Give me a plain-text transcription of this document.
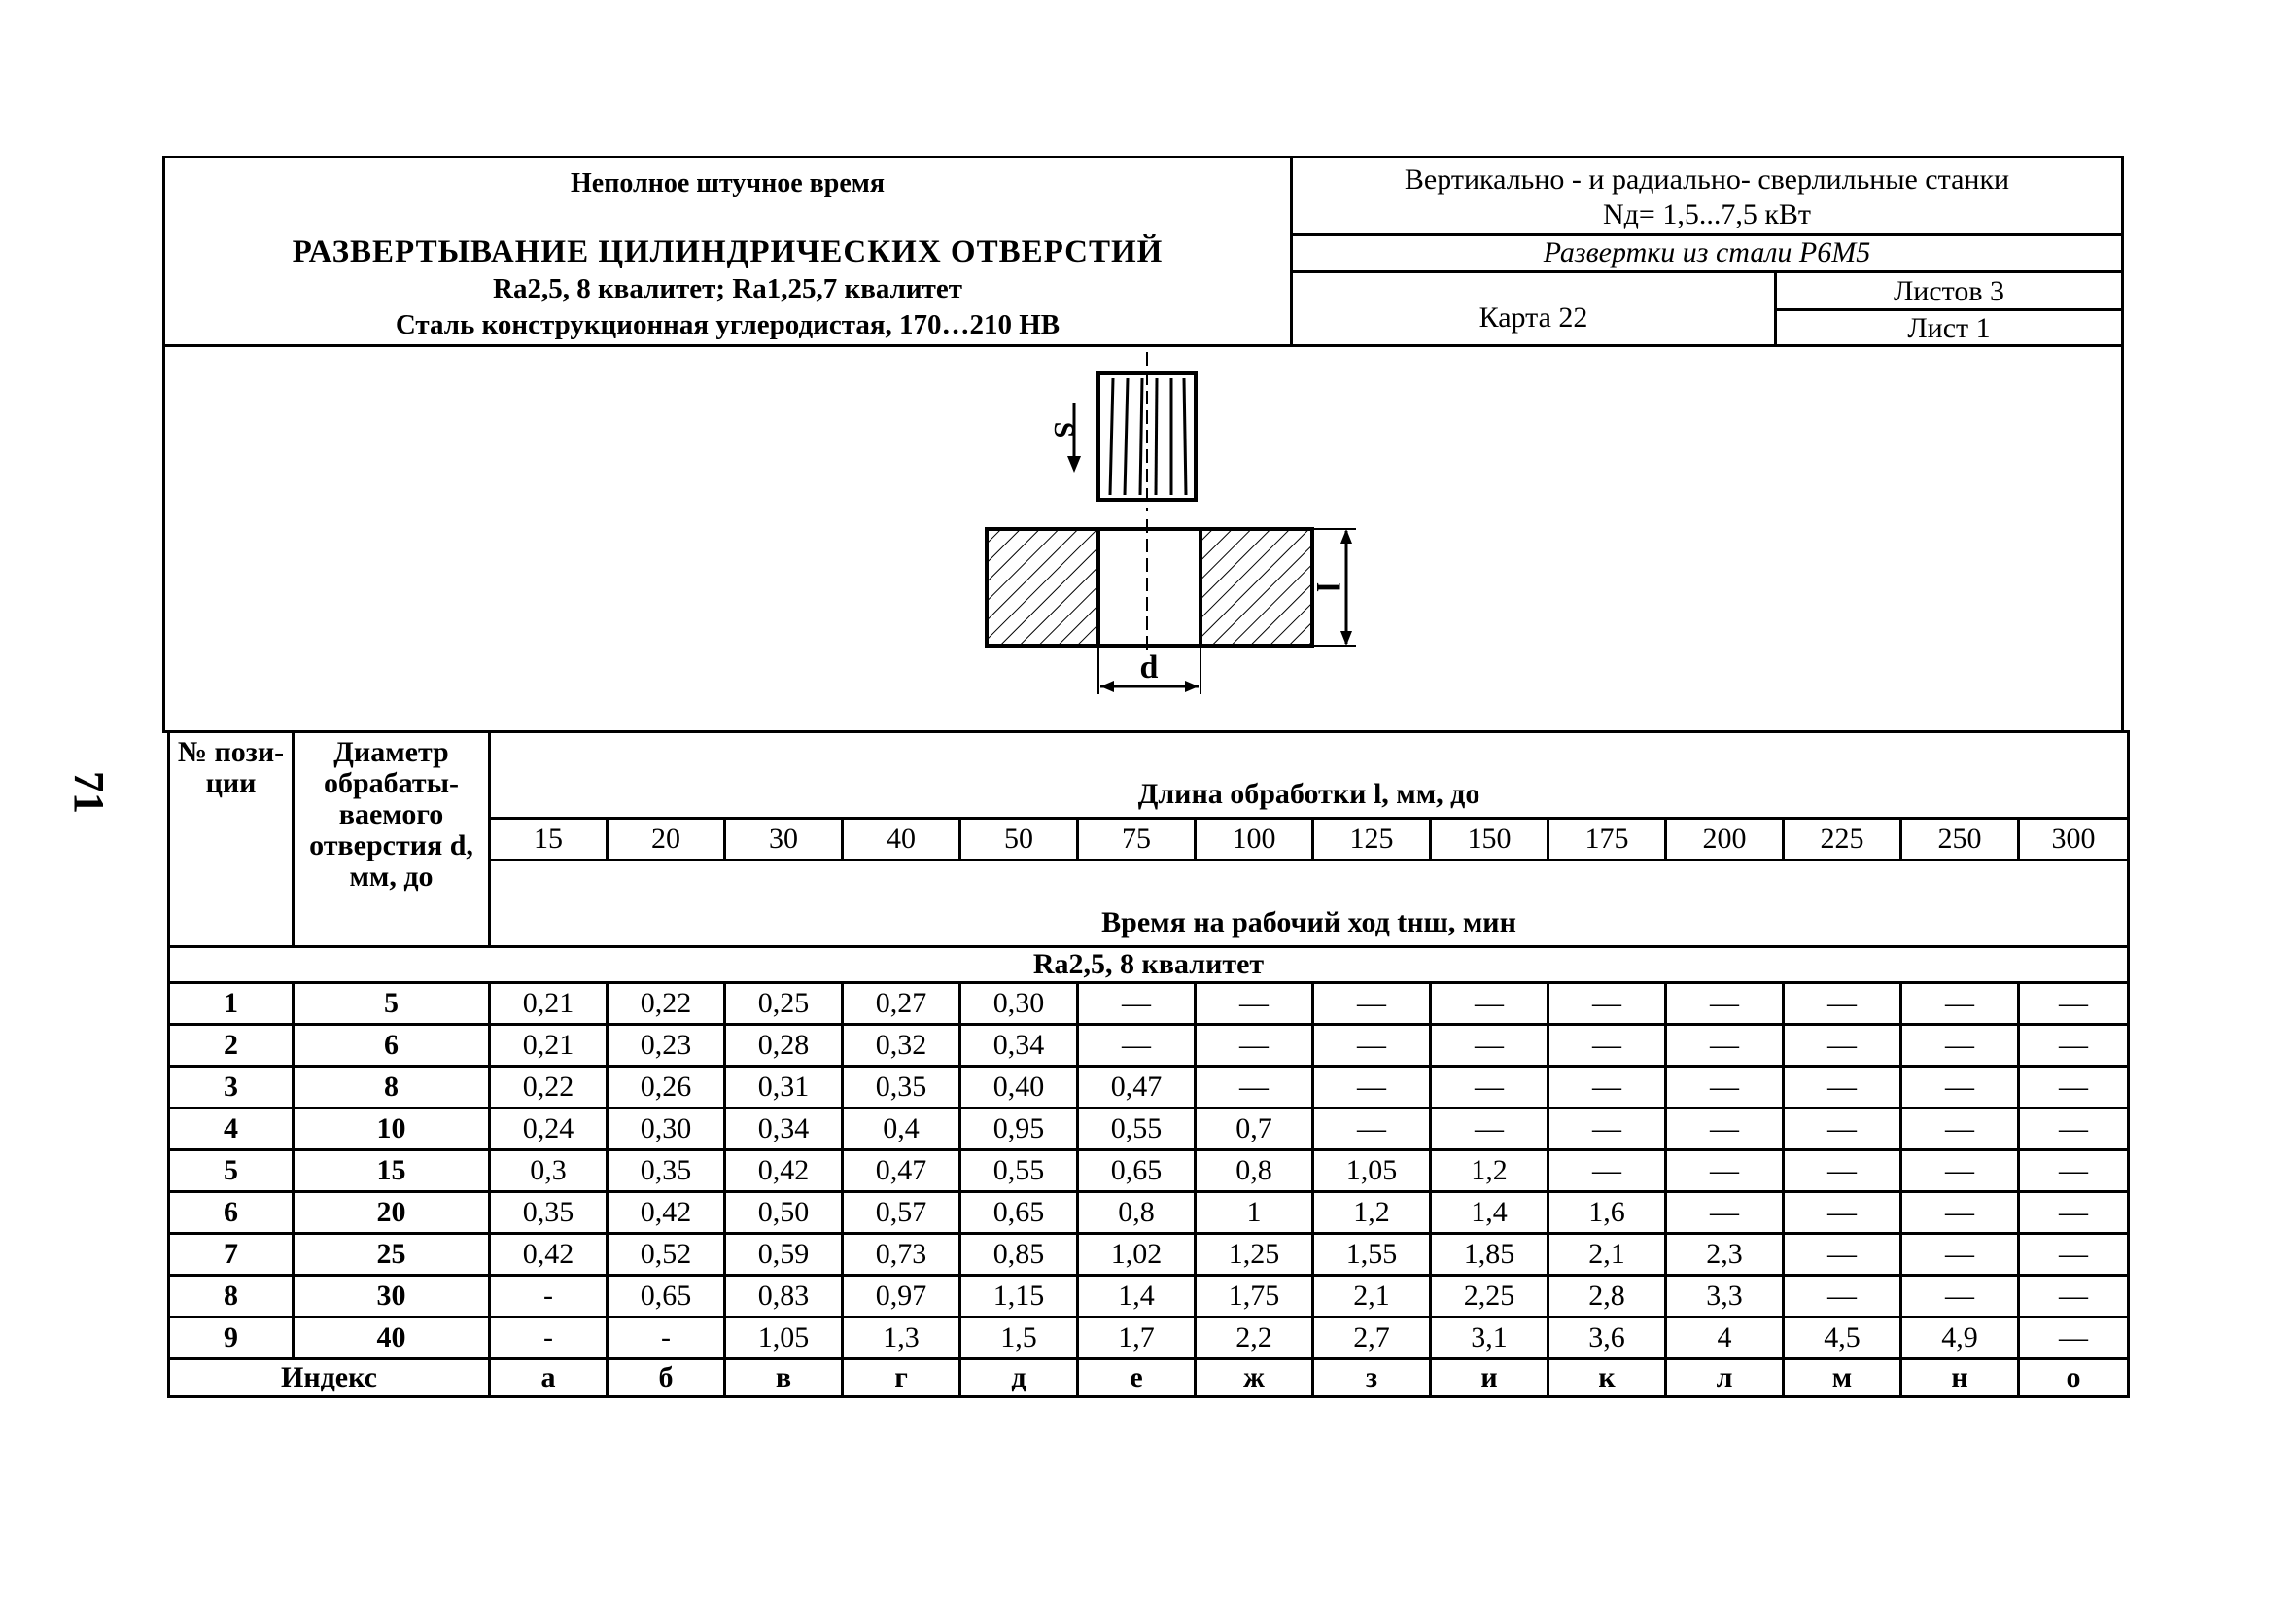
71
Неполное штучное время
РАЗВЕРТЫВАНИЕ ЦИЛИНДРИЧЕСКИХ ОТВЕРСТИЙ
Ra2,5, 8 квалитет; Ra1,25,7 квалитет
Сталь конструкционная углеродистая, 170…210 НВ
Вертикально - и радиально- сверлильные станки
Nд= 1,5...7,5 кВт
Развертки из стали Р6М5
Карта 22
Листов 3
Лист 1
S
l
d
№ пози- ции	Диаметр обрабаты- ваемого отверстия d, мм, до	Длина обработки l, мм, до													
		15	20	30	40	50	75	100	125	150	175	200	225	250	300
		Время на рабочий ход tнш, мин													
Ra2,5, 8 квалитет															
1	5	0,21	0,22	0,25	0,27	0,30	—	—	—	—	—	—	—	—	—
2	6	0,21	0,23	0,28	0,32	0,34	—	—	—	—	—	—	—	—	—
3	8	0,22	0,26	0,31	0,35	0,40	0,47	—	—	—	—	—	—	—	—
4	10	0,24	0,30	0,34	0,4	0,95	0,55	0,7	—	—	—	—	—	—	—
5	15	0,3	0,35	0,42	0,47	0,55	0,65	0,8	1,05	1,2	—	—	—	—	—
6	20	0,35	0,42	0,50	0,57	0,65	0,8	1	1,2	1,4	1,6	—	—	—	—
7	25	0,42	0,52	0,59	0,73	0,85	1,02	1,25	1,55	1,85	2,1	2,3	—	—	—
8	30	-	0,65	0,83	0,97	1,15	1,4	1,75	2,1	2,25	2,8	3,3	—	—	—
9	40	-	-	1,05	1,3	1,5	1,7	2,2	2,7	3,1	3,6	4	4,5	4,9	—
Индекс		а	б	в	г	д	е	ж	з	и	к	л	м	н	о
